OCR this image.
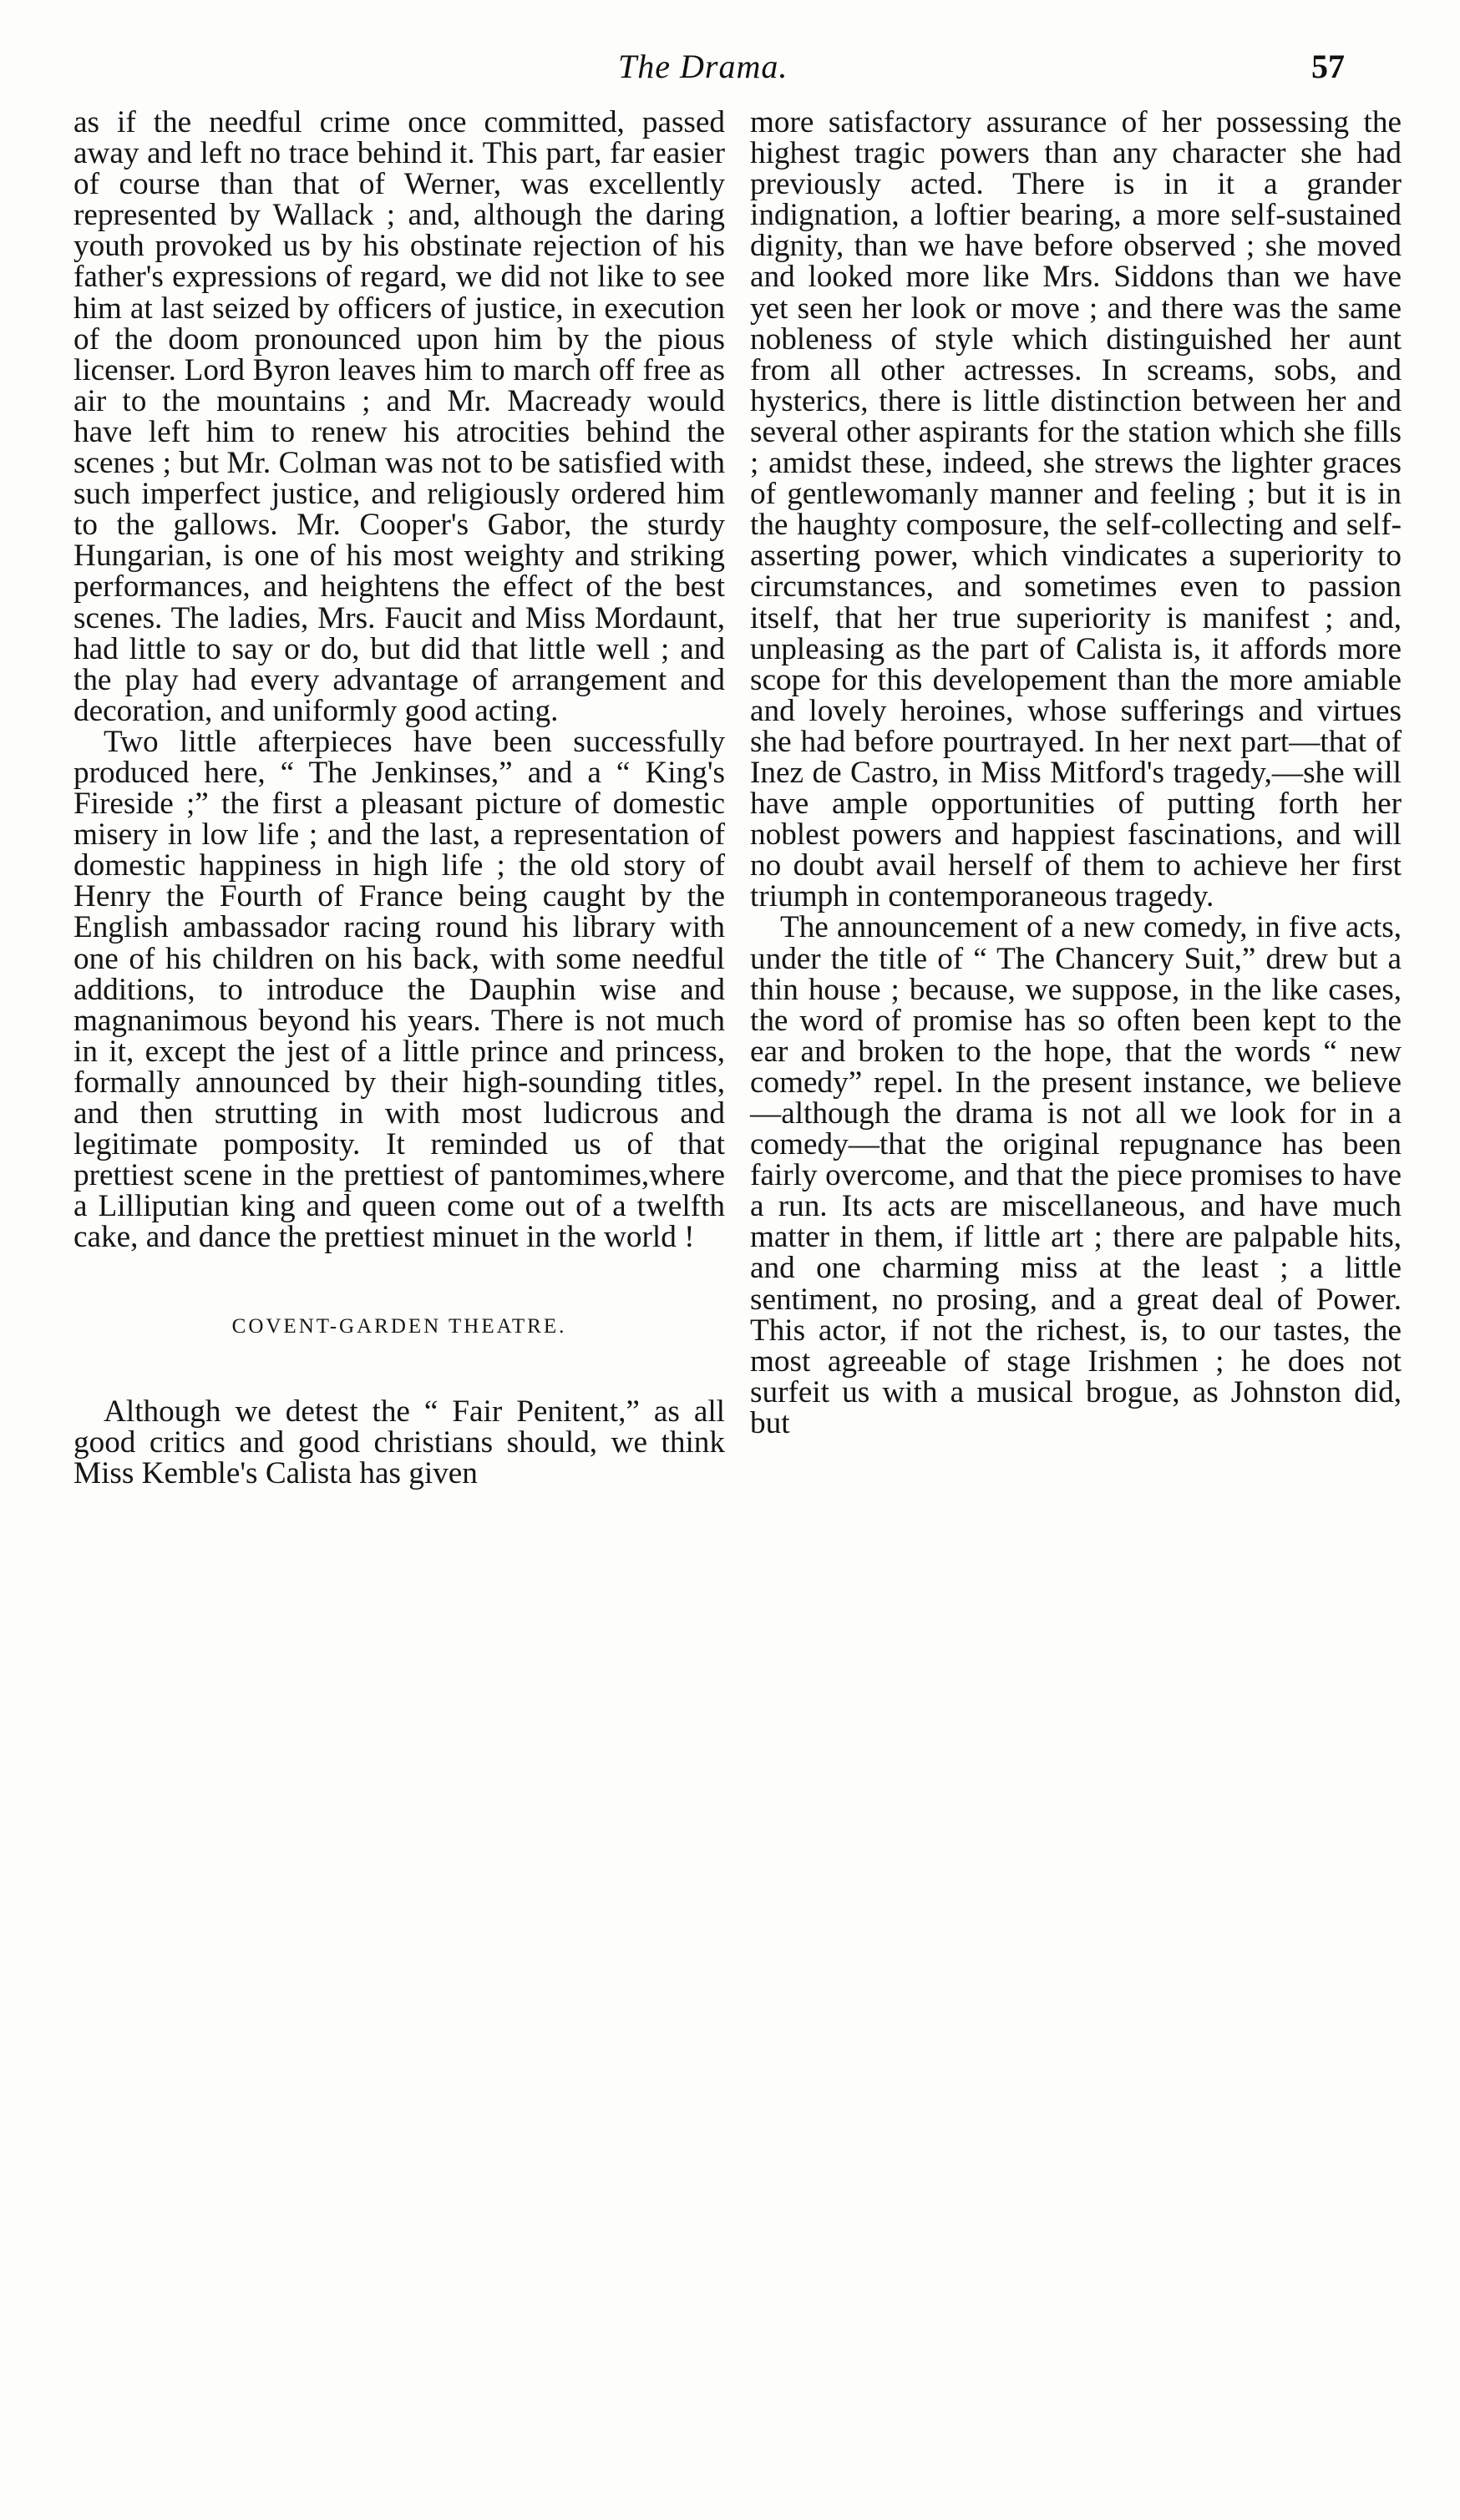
The Drama.	57

as if the needful crime once committed, passed away and left no trace behind it. This part, far easier of course than that of Werner, was excellently represented by Wallack ; and, although the daring youth provoked us by his obstinate rejection of his father's expressions of regard, we did not like to see him at last seized by officers of justice, in execution of the doom pronounced upon him by the pious licenser. Lord Byron leaves him to march off free as air to the mountains ; and Mr. Macready would have left him to renew his atrocities behind the scenes ; but Mr. Colman was not to be satisfied with such imperfect justice, and religiously ordered him to the gallows. Mr. Cooper's Gabor, the sturdy Hungarian, is one of his most weighty and striking performances, and heightens the effect of the best scenes. The ladies, Mrs. Faucit and Miss Mordaunt, had little to say or do, but did that little well ; and the play had every advantage of arrangement and decoration, and uniformly good acting.

Two little afterpieces have been successfully produced here, “ The Jenkinses,” and a “ King's Fireside ;” the first a pleasant picture of domestic misery in low life ; and the last, a representation of domestic happiness in high life ; the old story of Henry the Fourth of France being caught by the English ambassador racing round his library with one of his children on his back, with some needful additions, to introduce the Dauphin wise and magnanimous beyond his years. There is not much in it, except the jest of a little prince and princess, formally announced by their high-sounding titles, and then strutting in with most ludicrous and legitimate pomposity. It reminded us of that prettiest scene in the prettiest of pantomimes,where a Lilliputian king and queen come out of a twelfth cake, and dance the prettiest minuet in the world !

COVENT-GARDEN THEATRE.

Although we detest the “ Fair Penitent,” as all good critics and good christians should, we think Miss Kemble's Calista has given

more satisfactory assurance of her possessing the highest tragic powers than any character she had previously acted. There is in it a grander indignation, a loftier bearing, a more self-sustained dignity, than we have before observed ; she moved and looked more like Mrs. Siddons than we have yet seen her look or move ; and there was the same nobleness of style which distinguished her aunt from all other actresses. In screams, sobs, and hysterics, there is little distinction between her and several other aspirants for the station which she fills ; amidst these, indeed, she strews the lighter graces of gentlewomanly manner and feeling ; but it is in the haughty composure, the self-collecting and self-asserting power, which vindicates a superiority to circumstances, and sometimes even to passion itself, that her true superiority is manifest ; and, unpleasing as the part of Calista is, it affords more scope for this developement than the more amiable and lovely heroines, whose sufferings and virtues she had before pourtrayed. In her next part—that of Inez de Castro, in Miss Mitford's tragedy,—she will have ample opportunities of putting forth her noblest powers and happiest fascinations, and will no doubt avail herself of them to achieve her first triumph in contemporaneous tragedy.

The announcement of a new comedy, in five acts, under the title of “ The Chancery Suit,” drew but a thin house ; because, we suppose, in the like cases, the word of promise has so often been kept to the ear and broken to the hope, that the words “ new comedy” repel. In the present instance, we believe—although the drama is not all we look for in a comedy—that the original repugnance has been fairly overcome, and that the piece promises to have a run. Its acts are miscellaneous, and have much matter in them, if little art ; there are palpable hits, and one charming miss at the least ; a little sentiment, no prosing, and a great deal of Power. This actor, if not the richest, is, to our tastes, the most agreeable of stage Irishmen ; he does not surfeit us with a musical brogue, as Johnston did, but
